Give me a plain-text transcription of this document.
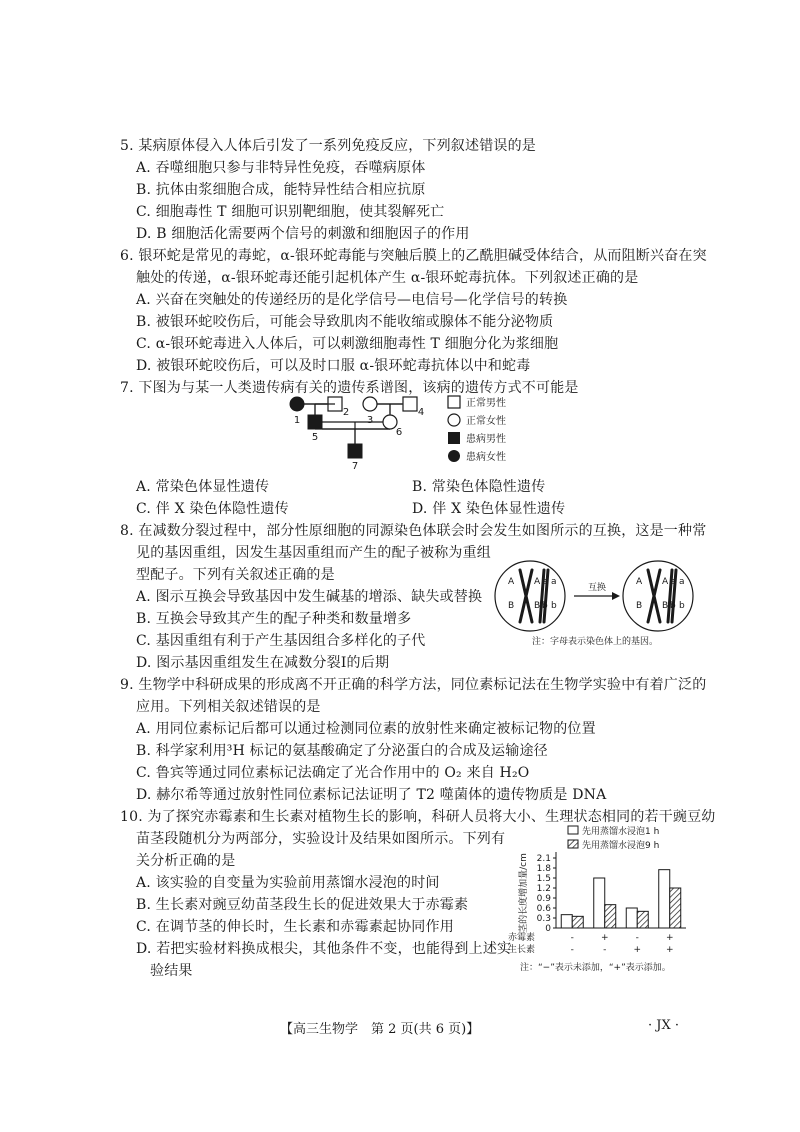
5. 某病原体侵入人体后引发了一系列免疫反应，下列叙述错误的是
A. 吞噬细胞只参与非特异性免疫，吞噬病原体
B. 抗体由浆细胞合成，能特异性结合相应抗原
C. 细胞毒性 T 细胞可识别靶细胞，使其裂解死亡
D. B 细胞活化需要两个信号的刺激和细胞因子的作用
6. 银环蛇是常见的毒蛇，α-银环蛇毒能与突触后膜上的乙酰胆碱受体结合，从而阻断兴奋在突
触处的传递，α-银环蛇毒还能引起机体产生 α-银环蛇毒抗体。下列叙述正确的是
A. 兴奋在突触处的传递经历的是化学信号—电信号—化学信号的转换
B. 被银环蛇咬伤后，可能会导致肌肉不能收缩或腺体不能分泌物质
C. α-银环蛇毒进入人体后，可以刺激细胞毒性 T 细胞分化为浆细胞
D. 被银环蛇咬伤后，可以及时口服 α-银环蛇毒抗体以中和蛇毒
7. 下图为与某一人类遗传病有关的遗传系谱图，该病的遗传方式不可能是
1
2
3
4
5	6
7
正常男性
正常女性
患病男性
患病女性
A. 常染色体显性遗传	B. 常染色体隐性遗传
C. 伴 X 染色体隐性遗传	D. 伴 X 染色体显性遗传
8. 在减数分裂过程中，部分性原细胞的同源染色体联会时会发生如图所示的互换，这是一种常
见的基因重组，因发生基因重组而产生的配子被称为重组
型配子。下列有关叙述正确的是
A. 图示互换会导致基因中发生碱基的增添、缺失或替换
B. 互换会导致其产生的配子种类和数量增多
C. 基因重组有利于产生基因组合多样化的子代
D. 图示基因重组发生在减数分裂Ⅰ的后期
A A a a
B B b b
A A a a
B B b b
互换
注：字母表示染色体上的基因。
9. 生物学中科研成果的形成离不开正确的科学方法，同位素标记法在生物学实验中有着广泛的
应用。下列相关叙述错误的是
A. 用同位素标记后都可以通过检测同位素的放射性来确定被标记物的位置
B. 科学家利用³H 标记的氨基酸确定了分泌蛋白的合成及运输途径
C. 鲁宾等通过同位素标记法确定了光合作用中的 O₂ 来自 H₂O
D. 赫尔希等通过放射性同位素标记法证明了 T2 噬菌体的遗传物质是 DNA
10. 为了探究赤霉素和生长素对植物生长的影响，科研人员将大小、生理状态相同的若干豌豆幼
苗茎段随机分为两部分，实验设计及结果如图所示。下列有
关分析正确的是
A. 该实验的自变量为实验前用蒸馏水浸泡的时间
B. 生长素对豌豆幼苗茎段生长的促进效果大于赤霉素
C. 在调节茎的伸长时，生长素和赤霉素起协同作用
D. 若把实验材料换成根尖，其他条件不变，也能得到上述实
验结果
2.1
1.8
1.5
1.2
0.9
0.6
0.3
0
茎的长度增加量/cm
-
-
+
-
-
+
+
+
赤霉素
生长素
先用蒸馏水浸泡1 h
先用蒸馏水浸泡9 h
注：“−”表示未添加，“+”表示添加。
【高三生物学　第 2 页(共 6 页)】	· JX ·
